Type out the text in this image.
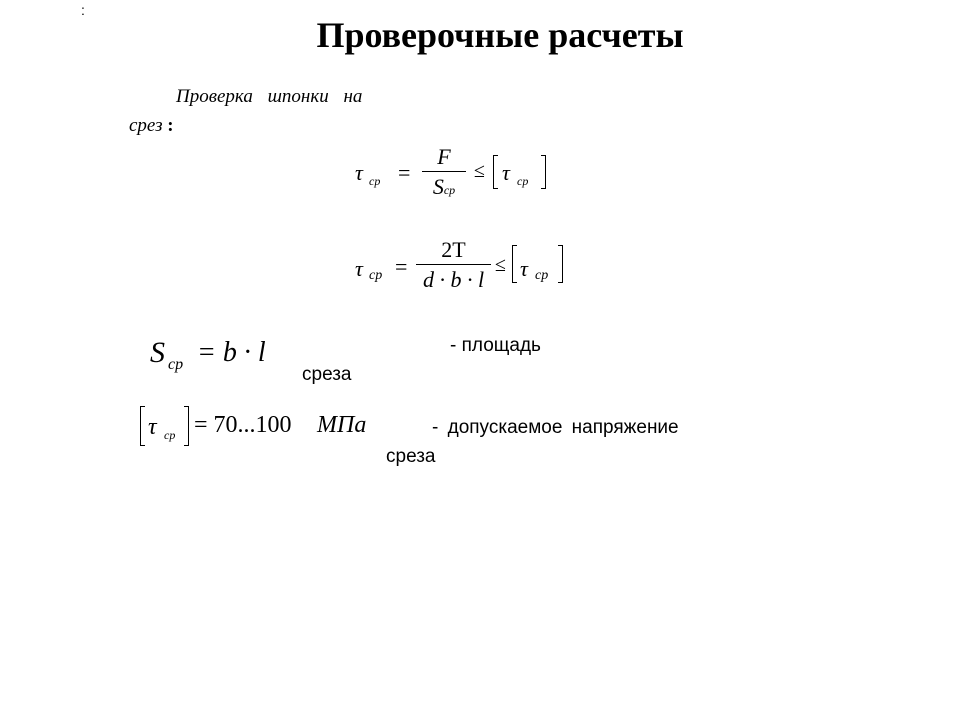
:
Проверочные расчеты
Проверка шпонки на
срез :
τ ср =
F
Sср
≤ τ ср
τ ср =
2T
d · b · l
≤ τ ср
S ср = b · l	- площадь
среза
τ ср = 70...100 МПа	- допускаемое напряжение
среза
